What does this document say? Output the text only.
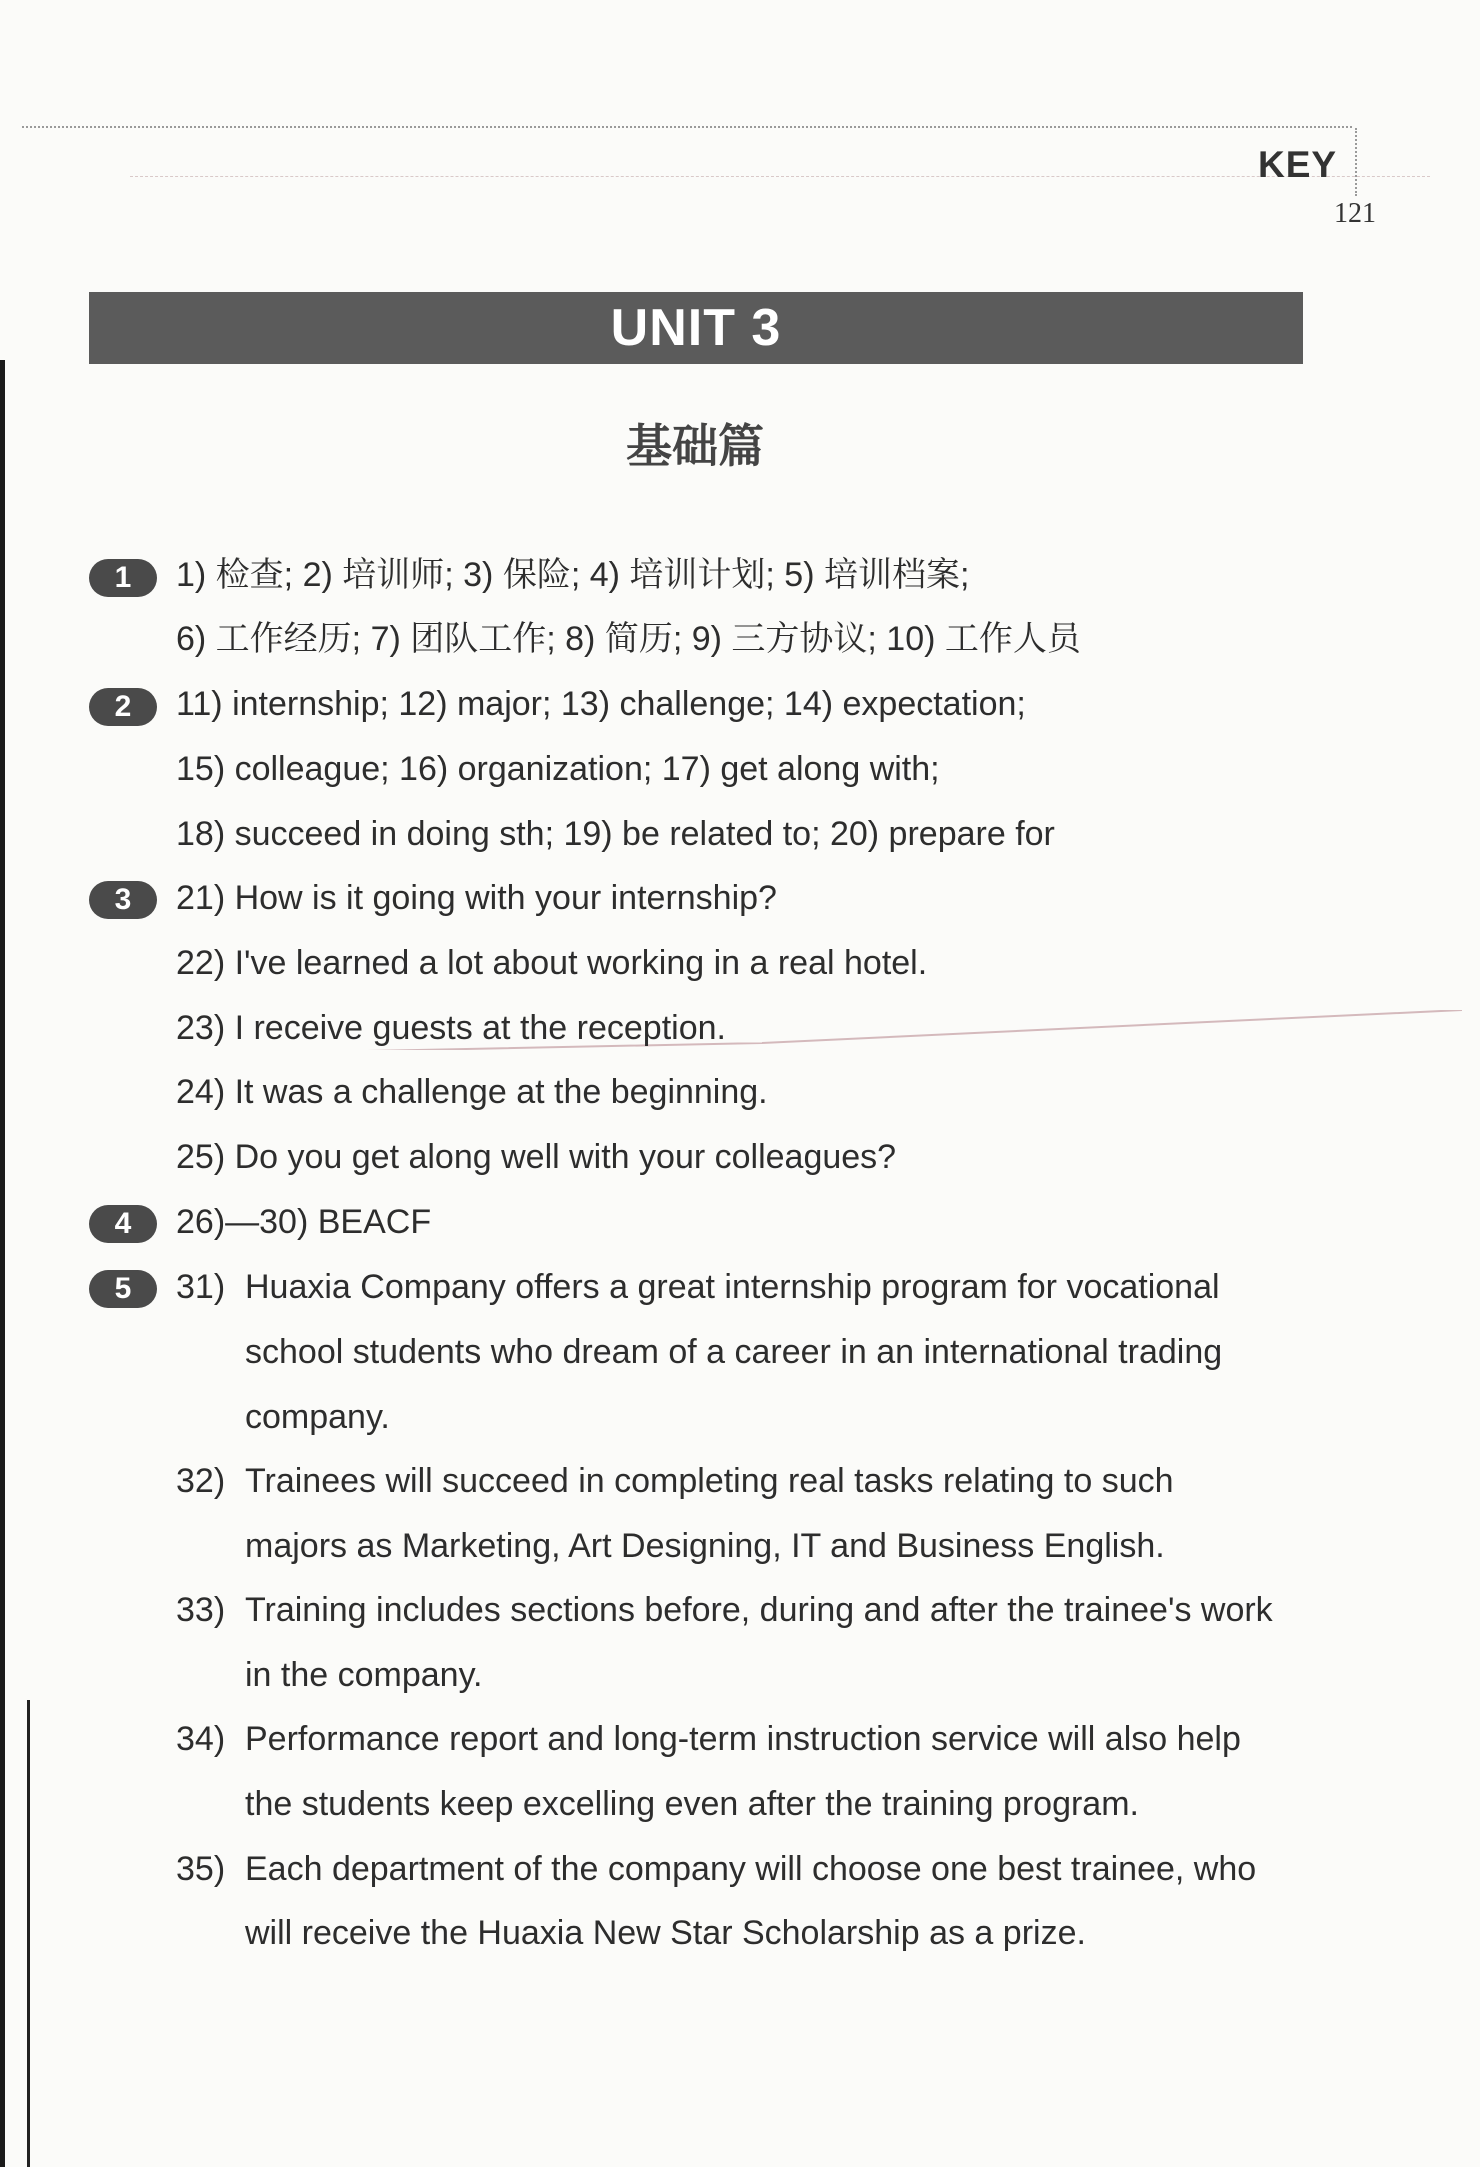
KEY
121
UNIT 3
基础篇
1	1) 检查; 2) 培训师; 3) 保险; 4) 培训计划; 5) 培训档案;
6) 工作经历; 7) 团队工作; 8) 简历; 9) 三方协议; 10) 工作人员
2	11) internship; 12) major; 13) challenge; 14) expectation;
15) colleague; 16) organization; 17) get along with;
18) succeed in doing sth; 19) be related to; 20) prepare for
3	21) How is it going with your internship?
22) I've learned a lot about working in a real hotel.
23) I receive guests at the reception.
24) It was a challenge at the beginning.
25) Do you get along well with your colleagues?
4	26)—30) BEACF
5	31) Huaxia Company offers a great internship program for vocational
school students who dream of a career in an international trading
company.
32) Trainees will succeed in completing real tasks relating to such
majors as Marketing, Art Designing, IT and Business English.
33) Training includes sections before, during and after the trainee's work
in the company.
34) Performance report and long-term instruction service will also help
the students keep excelling even after the training program.
35) Each department of the company will choose one best trainee, who
will receive the Huaxia New Star Scholarship as a prize.
